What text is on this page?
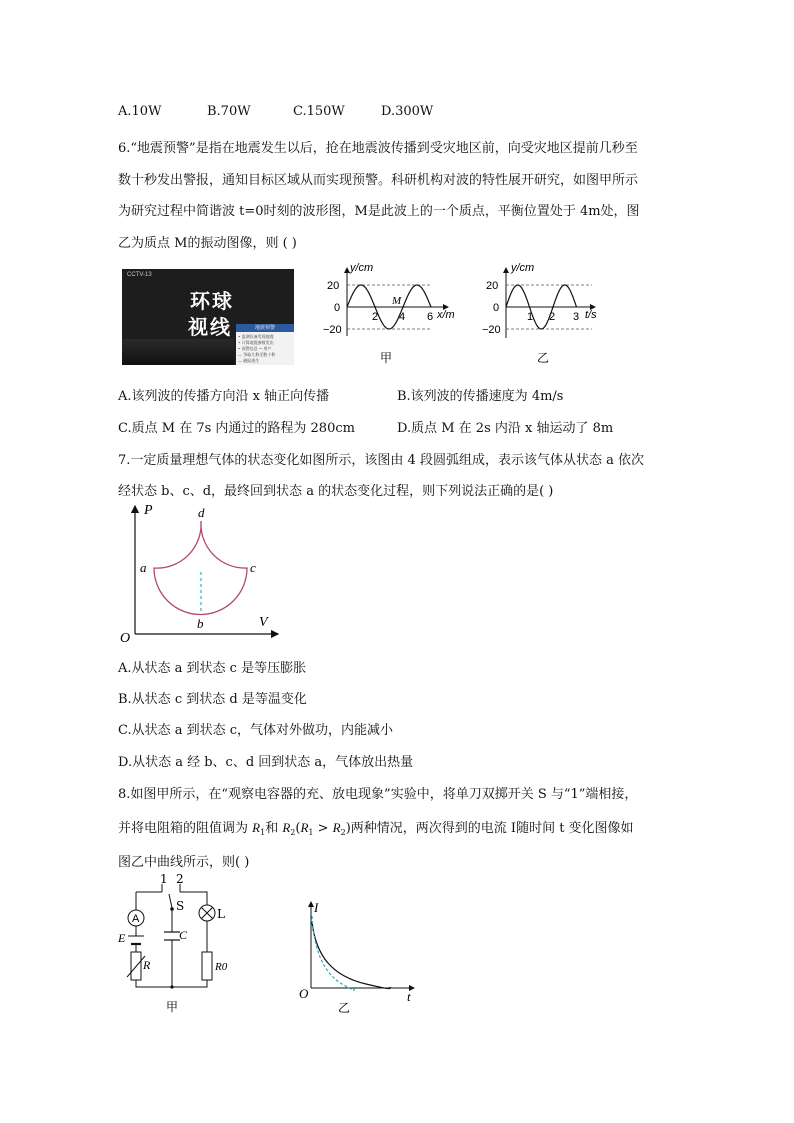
A.10W	B.70W	C.150W	D.300W
6.“地震预警”是指在地震发生以后，抢在地震波传播到受灾地区前，向受灾地区提前几秒至
数十秒发出警报，通知目标区域从而实现预警。科研机构对波的特性展开研究，如图甲所示
为研究过程中简谐波 t=0时刻的波形图，M是此波上的一个质点，平衡位置处于 4m处，图
乙为质点 M的振动图像，则 ( )
CCTV-13
环球
视线	地震预警
• 监测设备发现地震
• 计算地震参数发出
• 预警信息 → 用户
— 争取几秒至数十秒
— 避险逃生
y/cm
20
0
−20
2 4 6 x/m
M
甲
y/cm
20
0
−20
1 2 3 t/s
乙
A.该列波的传播方向沿 x 轴正向传播	B.该列波的传播速度为 4m/s
C.质点 M 在 7s 内通过的路程为 280cm	D.质点 M 在 2s 内沿 x 轴运动了 8m
7.一定质量理想气体的状态变化如图所示，该图由 4 段圆弧组成，表示该气体从状态 a 依次
经状态 b、c、d，最终回到状态 a 的状态变化过程，则下列说法正确的是( )
P
V
O
a
b
c
d
A.从状态 a 到状态 c 是等压膨胀
B.从状态 c 到状态 d 是等温变化
C.从状态 a 到状态 c，气体对外做功，内能减小
D.从状态 a 经 b、c、d 回到状态 a，气体放出热量
8.如图甲所示，在“观察电容器的充、放电现象”实验中，将单刀双掷开关 S 与“1”端相接，
并将电阻箱的阻值调为 $R_1$和 $R_2(R_1 > R_2)$两种情况，两次得到的电流 I随时间 t 变化图像如
图乙中曲线所示，则( )
A
1 2
S
C
E
R
L
R0
甲
I
t
O
乙
